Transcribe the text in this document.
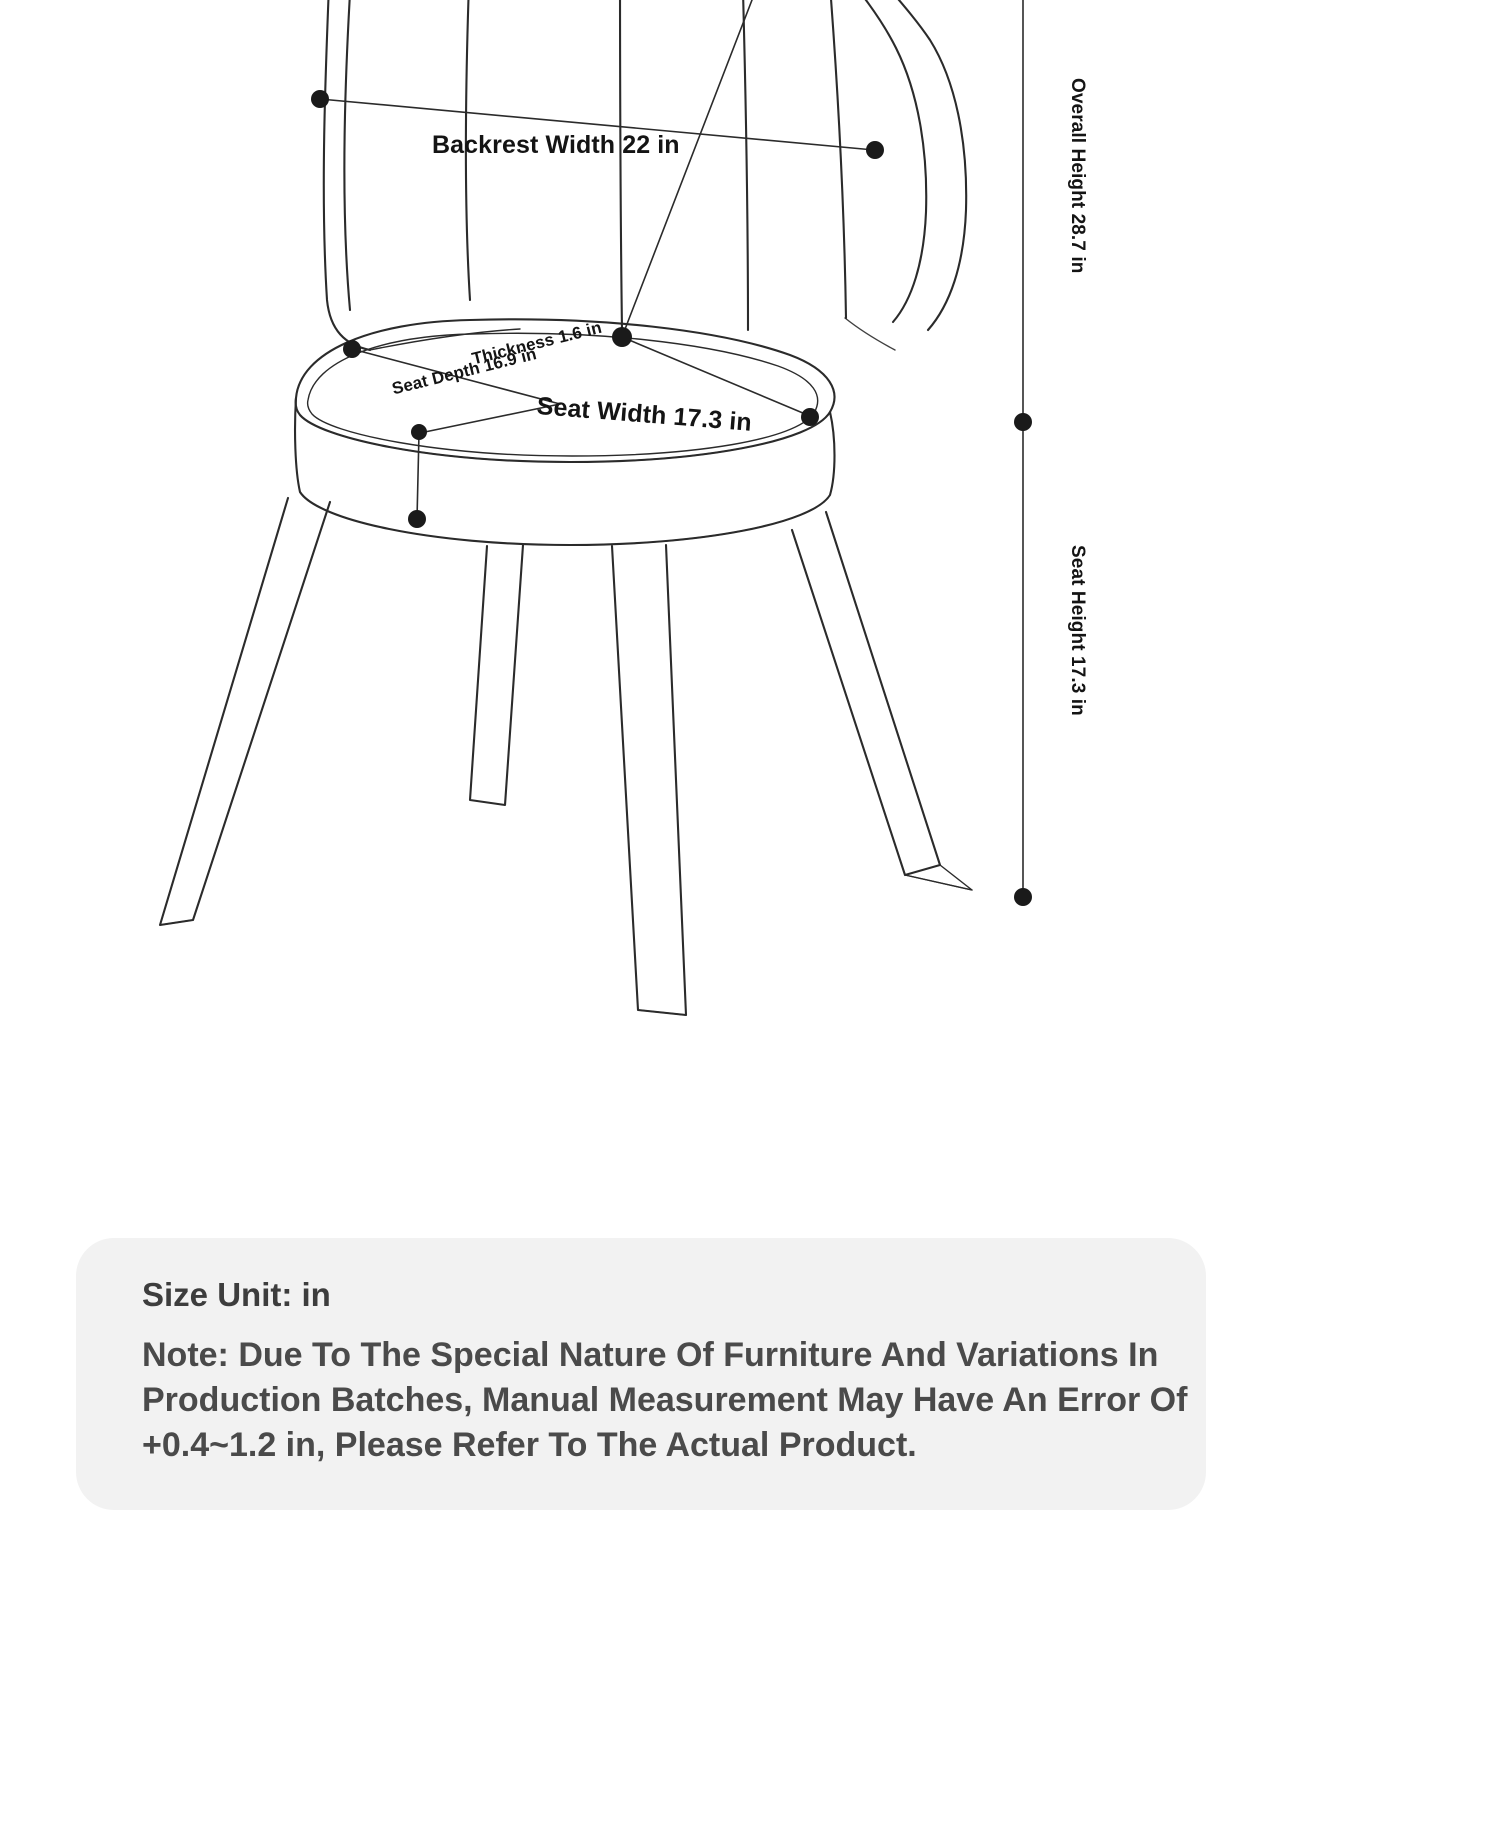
Backrest Width 22 in
Seat Width 17.3 in
Seat Depth 16.9 in
Thickness 1.6 in
Overall Height 28.7 in
Seat Height 17.3 in
Size Unit: in
Note: Due To The Special Nature Of Furniture And Variations In Production Batches, Manual Measurement May Have An Error Of +0.4~1.2 in, Please Refer To The Actual Product.
